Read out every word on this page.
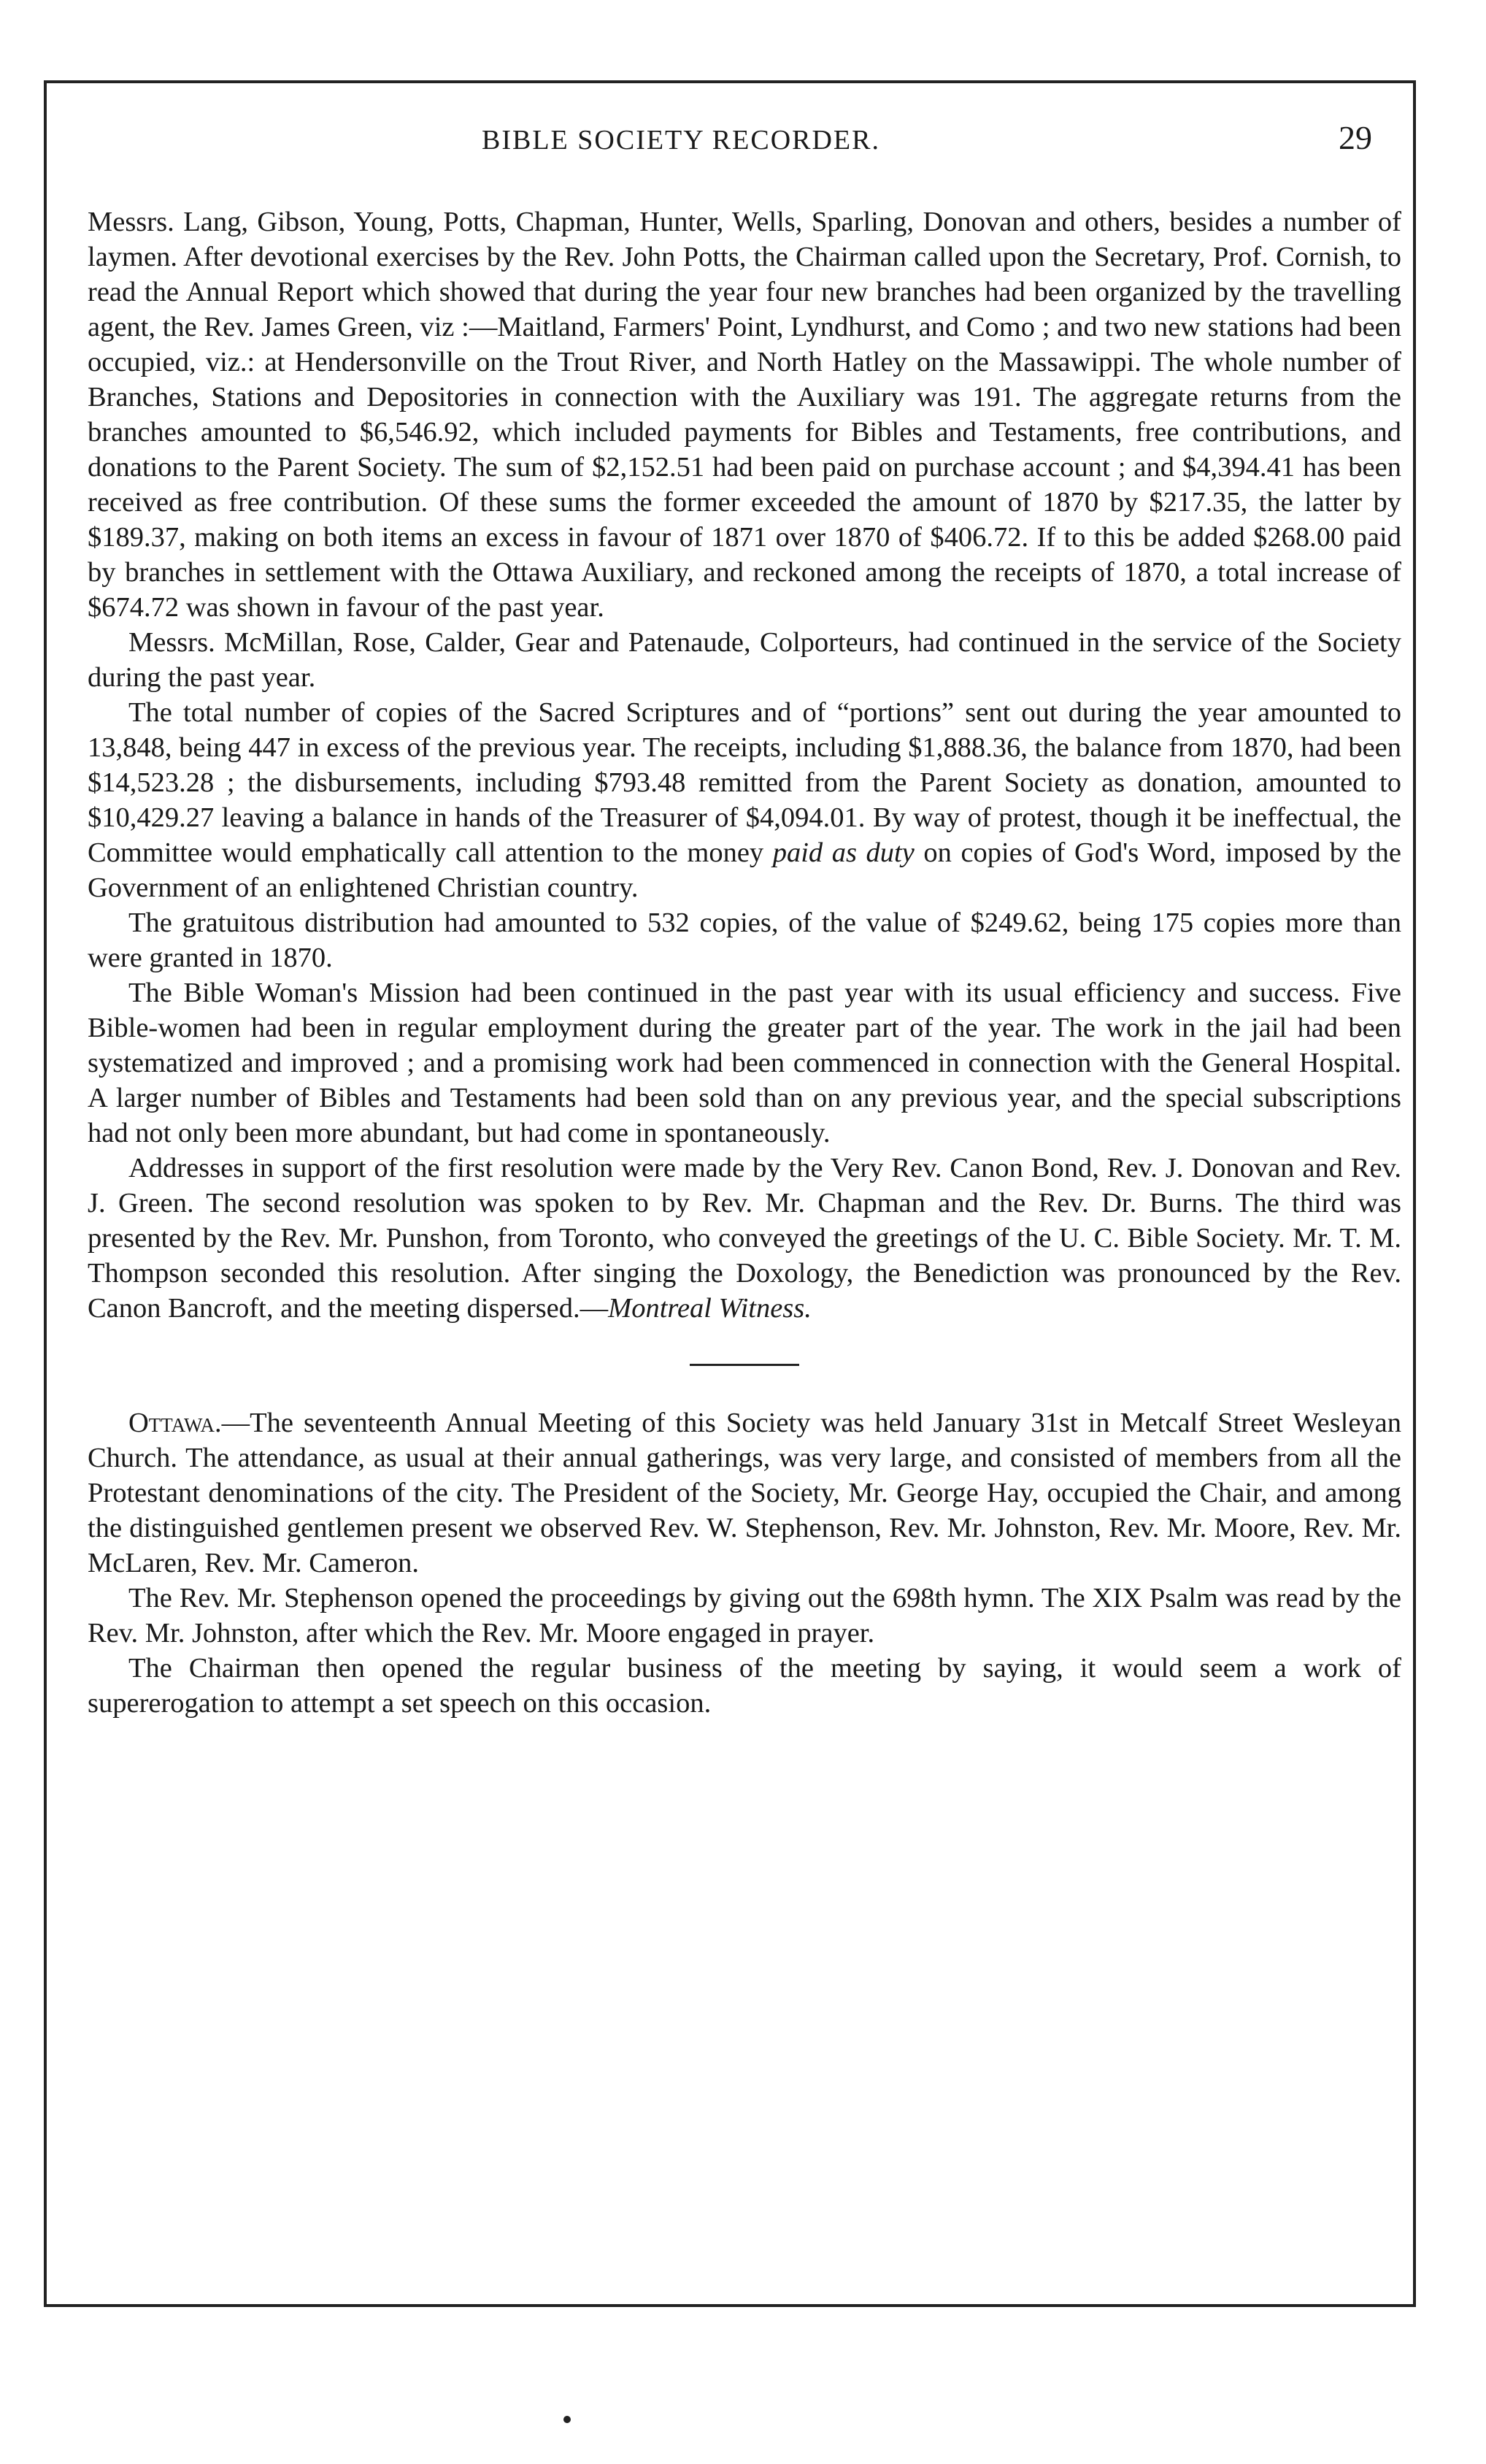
BIBLE SOCIETY RECORDER.	29

Messrs. Lang, Gibson, Young, Potts, Chapman, Hunter, Wells, Sparling, Donovan and others, besides a number of laymen. After devotional exercises by the Rev. John Potts, the Chairman called upon the Secretary, Prof. Cornish, to read the Annual Report which showed that during the year four new branches had been organized by the travelling agent, the Rev. James Green, viz :—Maitland, Farmers' Point, Lyndhurst, and Como ; and two new stations had been occupied, viz.: at Hendersonville on the Trout River, and North Hatley on the Massawippi. The whole number of Branches, Stations and Depositories in connection with the Auxiliary was 191. The aggregate returns from the branches amounted to $6,546.92, which included payments for Bibles and Testaments, free contributions, and donations to the Parent Society. The sum of $2,152.51 had been paid on purchase account ; and $4,394.41 has been received as free contribution. Of these sums the former exceeded the amount of 1870 by $217.35, the latter by $189.37, making on both items an excess in favour of 1871 over 1870 of $406.72. If to this be added $268.00 paid by branches in settlement with the Ottawa Auxiliary, and reckoned among the receipts of 1870, a total increase of $674.72 was shown in favour of the past year.

Messrs. McMillan, Rose, Calder, Gear and Patenaude, Colporteurs, had continued in the service of the Society during the past year.

The total number of copies of the Sacred Scriptures and of “portions” sent out during the year amounted to 13,848, being 447 in excess of the previous year. The receipts, including $1,888.36, the balance from 1870, had been $14,523.28 ; the disbursements, including $793.48 remitted from the Parent Society as donation, amounted to $10,429.27 leaving a balance in hands of the Treasurer of $4,094.01. By way of protest, though it be ineffectual, the Committee would emphatically call attention to the money paid as duty on copies of God's Word, imposed by the Government of an enlightened Christian country.

The gratuitous distribution had amounted to 532 copies, of the value of $249.62, being 175 copies more than were granted in 1870.

The Bible Woman's Mission had been continued in the past year with its usual efficiency and success. Five Bible-women had been in regular employment during the greater part of the year. The work in the jail had been systematized and improved ; and a promising work had been commenced in connection with the General Hospital. A larger number of Bibles and Testaments had been sold than on any previous year, and the special subscriptions had not only been more abundant, but had come in spontaneously.

Addresses in support of the first resolution were made by the Very Rev. Canon Bond, Rev. J. Donovan and Rev. J. Green. The second resolution was spoken to by Rev. Mr. Chapman and the Rev. Dr. Burns. The third was presented by the Rev. Mr. Punshon, from Toronto, who conveyed the greetings of the U. C. Bible Society. Mr. T. M. Thompson seconded this resolution. After singing the Doxology, the Benediction was pronounced by the Rev. Canon Bancroft, and the meeting dispersed.—Montreal Witness.

Ottawa.—The seventeenth Annual Meeting of this Society was held January 31st in Metcalf Street Wesleyan Church. The attendance, as usual at their annual gatherings, was very large, and consisted of members from all the Protestant denominations of the city. The President of the Society, Mr. George Hay, occupied the Chair, and among the distinguished gentlemen present we observed Rev. W. Stephenson, Rev. Mr. Johnston, Rev. Mr. Moore, Rev. Mr. McLaren, Rev. Mr. Cameron.

The Rev. Mr. Stephenson opened the proceedings by giving out the 698th hymn. The XIX Psalm was read by the Rev. Mr. Johnston, after which the Rev. Mr. Moore engaged in prayer.

The Chairman then opened the regular business of the meeting by saying, it would seem a work of supererogation to attempt a set speech on this occasion.
